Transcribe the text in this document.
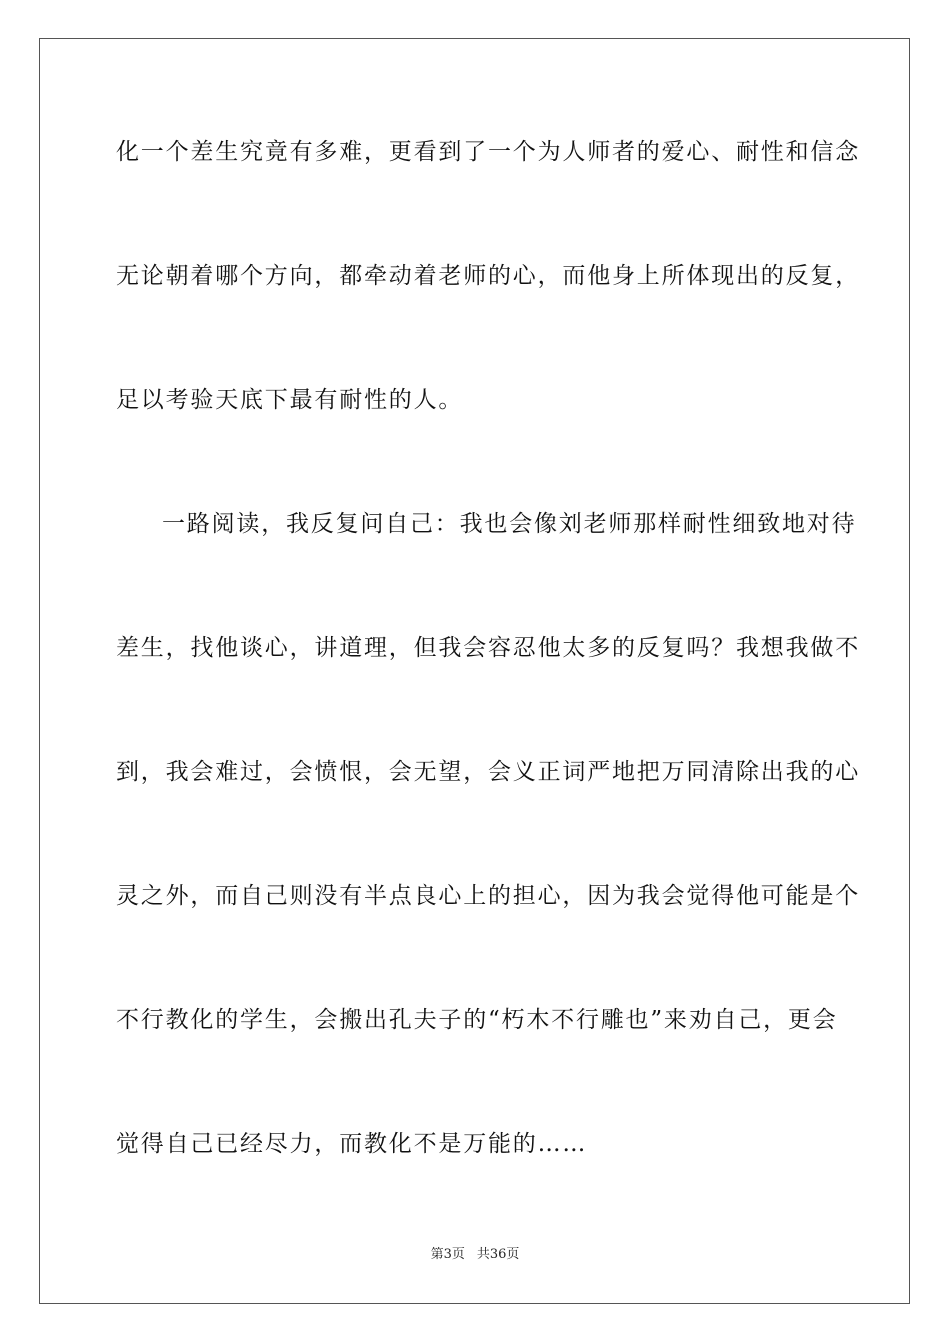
化一个差生究竟有多难，更看到了一个为人师者的爱心、耐性和信念
无论朝着哪个方向，都牵动着老师的心，而他身上所体现出的反复，
足以考验天底下最有耐性的人。
一路阅读，我反复问自己：我也会像刘老师那样耐性细致地对待
差生，找他谈心，讲道理，但我会容忍他太多的反复吗？我想我做不
到，我会难过，会愤恨，会无望，会义正词严地把万同清除出我的心
灵之外，而自己则没有半点良心上的担心，因为我会觉得他可能是个
不行教化的学生，会搬出孔夫子的“朽木不行雕也”来劝自己，更会
觉得自己已经尽力，而教化不是万能的……
第3页 共36页
